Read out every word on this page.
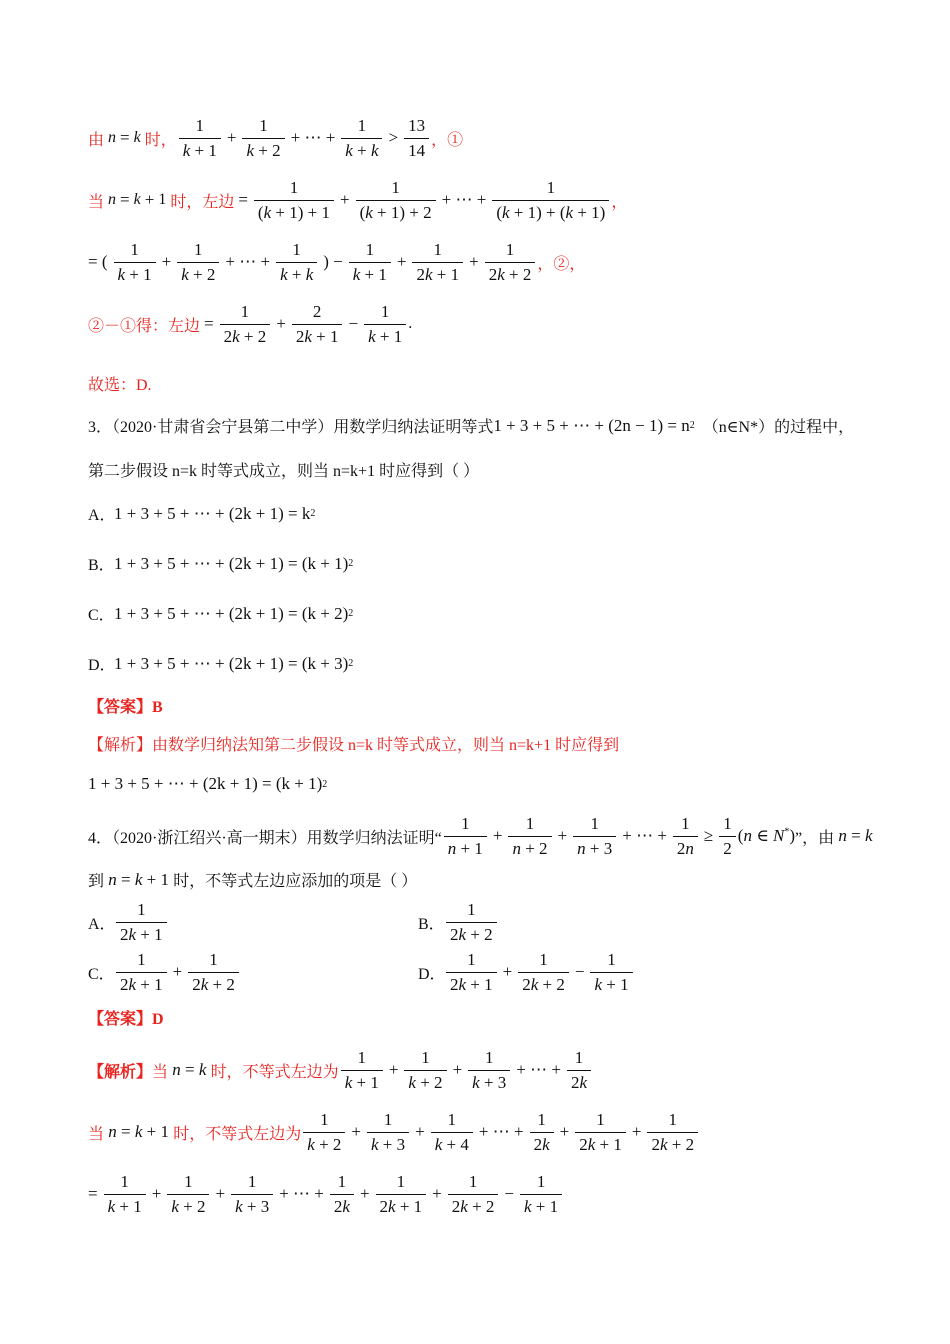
由 n = k 时， $\frac{1}{k + 1} + \frac{1}{k + 2}$ + ⋯ + $\frac{1}{k + k} > \frac{13}{14}$ ，①
当 n = k + 1 时，左边 = $\frac{1}{(k + 1) + 1} + \frac{1}{(k + 1) + 2}$ + ⋯ + $\frac{1}{(k + 1) + (k + 1)}$ ，
= ( $\frac{1}{k + 1} + \frac{1}{k + 2}$ + ⋯ + $\frac{1}{k + k}$ ) − $\frac{1}{k + 1} + \frac{1}{2k + 1} + \frac{1}{2k + 2}$ ，②，
②－①得：左边 = $\frac{1}{2k + 2} + \frac{2}{2k + 1} - \frac{1}{k + 1}$ .
故选：D.
3．（2020·甘肃省会宁县第二中学）用数学归纳法证明等式 1 + 3 + 5 + ⋯ + (2n − 1) = n 2 （n∈N*）的过程中，
第二步假设 n=k 时等式成立，则当 n=k+1 时应得到（ ）
A．
1 + 3 + 5 + ⋯ + (2k + 1) = k 2
B． 1 + 3 + 5 + ⋯ + (2k + 1) = (k + 1) 2
C． 1 + 3 + 5 + ⋯ + (2k + 1) = (k + 2) 2
D．
1 + 3 + 5 + ⋯ + (2k + 1) = (k + 3) 2
【答案】B
【解析】由数学归纳法知第二步假设 n=k 时等式成立，则当 n=k+1 时应得到
1 + 3 + 5 + ⋯ + (2k + 1) = (k + 1) 2
4．（2020·浙江绍兴·高一期末）用数学归纳法证明“ $\frac{1}{n + 1} + \frac{1}{n + 2} + \frac{1}{n + 3}$ + ⋯ + $\frac{1}{2n} \ge \frac{1}{2} (n$ ∈ N*) ”，由 n = k
到 n = k + 1 时，不等式左边应添加的项是（ ）
A． $\frac{1}{2k + 1}$	B． $\frac{1}{2k + 2}$
C． $\frac{1}{2k + 1} + \frac{1}{2k + 2}$	D． $\frac{1}{2k + 1} + \frac{1}{2k + 2} - \frac{1}{k + 1}$
【答案】D
【解析】 当 n = k 时，不等式左边为 $\frac{1}{k + 1} + \frac{1}{k + 2} + \frac{1}{k + 3}$ + ⋯ + $\frac{1}{2k}$
当 n = k + 1 时，不等式左边为 $\frac{1}{k + 2} + \frac{1}{k + 3} + \frac{1}{k + 4}$ + ⋯ + $\frac{1}{2k} + \frac{1}{2k + 1} + \frac{1}{2k + 2}$
= $\frac{1}{k + 1} + \frac{1}{k + 2} + \frac{1}{k + 3}$ + ⋯ + $\frac{1}{2k} + \frac{1}{2k + 1} + \frac{1}{2k + 2} - \frac{1}{k + 1}$
